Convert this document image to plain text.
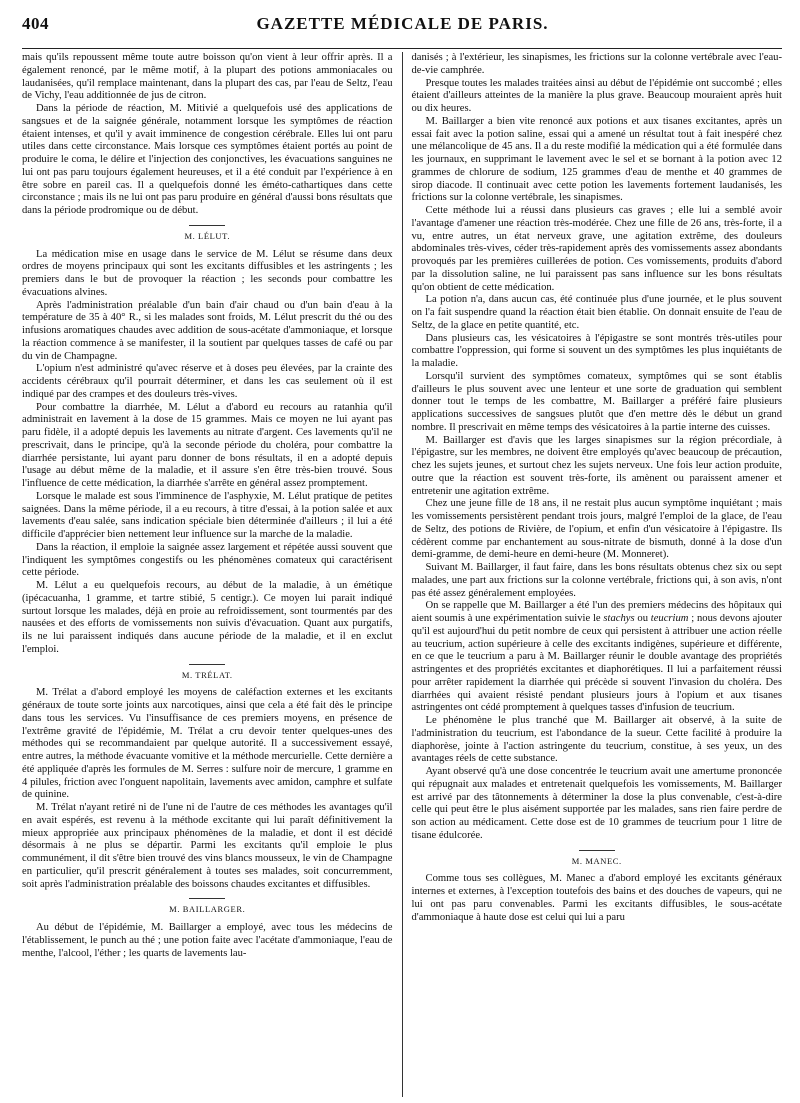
404	GAZETTE MÉDICALE DE PARIS.

mais qu'ils repoussent même toute autre boisson qu'on vient à leur offrir après. Il a également renoncé, par le même motif, à la plupart des potions ammoniacales ou laudanisées, qu'il remplace maintenant, dans la plupart des cas, par l'eau de Seltz, l'eau de Vichy, l'eau additionnée de jus de citron.

Dans la période de réaction, M. Mitivié a quelquefois usé des applications de sangsues et de la saignée générale, notamment lorsque les symptômes de réaction étaient intenses, et qu'il y avait imminence de congestion cérébrale. Elles lui ont paru utiles dans cette circonstance. Mais lorsque ces symptômes étaient portés au point de produire le coma, le délire et l'injection des conjonctives, les évacuations sanguines ne lui ont pas paru toujours également heureuses, et il a été conduit par l'expérience à en être sobre en pareil cas. Il a quelquefois donné les éméto-cathartiques dans cette circonstance ; mais ils ne lui ont pas paru produire en général d'aussi bons résultats que dans la période prodromique ou de début.

M. LÉLUT.

La médication mise en usage dans le service de M. Lélut se résume dans deux ordres de moyens principaux qui sont les excitants diffusibles et les astringents ; les premiers dans le but de provoquer la réaction ; les seconds pour combattre les évacuations alvines.

Après l'administration préalable d'un bain d'air chaud ou d'un bain d'eau à la température de 35 à 40° R., si les malades sont froids, M. Lélut prescrit du thé ou des infusions aromatiques chaudes avec addition de sous-acétate d'ammoniaque, et lorsque la réaction commence à se manifester, il la soutient par quelques tasses de café ou par du vin de Champagne.

L'opium n'est administré qu'avec réserve et à doses peu élevées, par la crainte des accidents cérébraux qu'il pourrait déterminer, et dans les cas seulement où il est indiqué par des crampes et des douleurs très-vives.

Pour combattre la diarrhée, M. Lélut a d'abord eu recours au ratanhia qu'il administrait en lavement à la dose de 15 grammes. Mais ce moyen ne lui ayant pas paru fidèle, il a adopté depuis les lavements au nitrate d'argent. Ces lavements qu'il ne prescrivait, dans le principe, qu'à la seconde période du choléra, pour combattre la diarrhée persistante, lui ayant paru donner de bons résultats, il en a adopté depuis l'usage au début même de la maladie, et il assure s'en être très-bien trouvé. Sous l'influence de cette médication, la diarrhée s'arrête en général assez promptement.

Lorsque le malade est sous l'imminence de l'asphyxie, M. Lélut pratique de petites saignées. Dans la même période, il a eu recours, à titre d'essai, à la potion salée et aux lavements d'eau salée, sans indication spéciale bien déterminée d'ailleurs ; il lui a été difficile d'apprécier bien nettement leur influence sur la marche de la maladie.

Dans la réaction, il emploie la saignée assez largement et répétée aussi souvent que l'indiquent les symptômes congestifs ou les phénomènes comateux qui caractérisent cette période.

M. Lélut a eu quelquefois recours, au début de la maladie, à un émétique (ipécacuanha, 1 gramme, et tartre stibié, 5 centigr.). Ce moyen lui parait indiqué surtout lorsque les malades, déjà en proie au refroidissement, sont tourmentés par des nausées et des efforts de vomissements non suivis d'évacuation. Quant aux purgatifs, ils ne lui paraissent indiqués dans aucune période de la maladie, et il en exclut l'emploi.

M. TRÉLAT.

M. Trélat a d'abord employé les moyens de caléfaction externes et les excitants généraux de toute sorte joints aux narcotiques, ainsi que cela a été fait dès le principe dans tous les services. Vu l'insuffisance de ces premiers moyens, en présence de l'extrême gravité de l'épidémie, M. Trélat a cru devoir tenter quelques-unes des méthodes qui se recommandaient par quelque autorité. Il a successivement essayé, entre autres, la méthode évacuante vomitive et la méthode mercurielle. Cette dernière a été appliquée d'après les formules de M. Serres : sulfure noir de mercure, 1 gramme en 4 pilules, friction avec l'onguent napolitain, lavements avec amidon, camphre et sulfate de quinine.

M. Trélat n'ayant retiré ni de l'une ni de l'autre de ces méthodes les avantages qu'il en avait espérés, est revenu à la méthode excitante qui lui paraît définitivement la mieux appropriée aux principaux phénomènes de la maladie, et dont il est décidé désormais à ne plus se départir. Parmi les excitants qu'il emploie le plus communément, il dit s'être bien trouvé des vins blancs mousseux, le vin de Champagne en particulier, qu'il prescrit généralement à toutes ses malades, soit concurremment, soit après l'administration préalable des boissons chaudes excitantes et diffusibles.

M. BAILLARGER.

Au début de l'épidémie, M. Baillarger a employé, avec tous les médecins de l'établissement, le punch au thé ; une potion faite avec l'acétate d'ammoniaque, l'eau de menthe, l'alcool, l'éther ; les quarts de lavements lau-

danisés ; à l'extérieur, les sinapismes, les frictions sur la colonne vertébrale avec l'eau-de-vie camphrée.

Presque toutes les malades traitées ainsi au début de l'épidémie ont succombé ; elles étaient d'ailleurs atteintes de la manière la plus grave. Beaucoup mouraient après huit ou dix heures.

M. Baillarger a bien vite renoncé aux potions et aux tisanes excitantes, après un essai fait avec la potion saline, essai qui a amené un résultat tout à fait inespéré chez une mélancolique de 45 ans. Il a du reste modifié la médication qui a été formulée dans les journaux, en supprimant le lavement avec le sel et se bornant à la potion avec 12 grammes de chlorure de sodium, 125 grammes d'eau de menthe et 40 grammes de sirop diacode. Il continuait avec cette potion les lavements fortement laudanisés, les frictions sur la colonne vertébrale, les sinapismes.

Cette méthode lui a réussi dans plusieurs cas graves ; elle lui a semblé avoir l'avantage d'amener une réaction très-modérée. Chez une fille de 26 ans, très-forte, il a vu, entre autres, un état nerveux grave, une agitation extrême, des douleurs abdominales très-vives, céder très-rapidement après des vomissements assez abondants provoqués par les premières cuillerées de potion. Ces vomissements, produits d'abord par la dissolution saline, ne lui paraissent pas sans influence sur les bons résultats qu'on obtient de cette médication.

La potion n'a, dans aucun cas, été continuée plus d'une journée, et le plus souvent on l'a fait suspendre quand la réaction était bien établie. On donnait ensuite de l'eau de Seltz, de la glace en petite quantité, etc.

Dans plusieurs cas, les vésicatoires à l'épigastre se sont montrés très-utiles pour combattre l'oppression, qui forme si souvent un des symptômes les plus inquiétants de la maladie.

Lorsqu'il survient des symptômes comateux, symptômes qui se sont établis d'ailleurs le plus souvent avec une lenteur et une sorte de graduation qui semblent donner tout le temps de les combattre, M. Baillarger a préféré faire plusieurs applications successives de sangsues plutôt que d'en mettre dès le début un grand nombre. Il prescrivait en même temps des vésicatoires à la partie interne des cuisses.

M. Baillarger est d'avis que les larges sinapismes sur la région précordiale, à l'épigastre, sur les membres, ne doivent être employés qu'avec beaucoup de précaution, chez les sujets jeunes, et surtout chez les sujets nerveux. Une fois leur action produite, outre que la réaction est souvent très-forte, ils amènent ou paraissent amener et entretenir une agitation extrême.

Chez une jeune fille de 18 ans, il ne restait plus aucun symptôme inquiétant ; mais les vomissements persistèrent pendant trois jours, malgré l'emploi de la glace, de l'eau de Seltz, des potions de Rivière, de l'opium, et enfin d'un vésicatoire à l'épigastre. Ils cédèrent comme par enchantement au sous-nitrate de bismuth, donné à la dose d'un demi-gramme, de demi-heure en demi-heure (M. Monneret).

Suivant M. Baillarger, il faut faire, dans les bons résultats obtenus chez six ou sept malades, une part aux frictions sur la colonne vertébrale, frictions qui, à son avis, n'ont pas été assez généralement employées.

On se rappelle que M. Baillarger a été l'un des premiers médecins des hôpitaux qui aient soumis à une expérimentation suivie le stachys ou teucrium ; nous devons ajouter qu'il est aujourd'hui du petit nombre de ceux qui persistent à attribuer une action réelle au teucrium, action supérieure à celle des excitants indigènes, supérieure et différente, en ce que le teucrium a paru à M. Baillarger réunir le double avantage des propriétés astringentes et des propriétés excitantes et diaphorétiques. Il lui a parfaitement réussi pour arrêter rapidement la diarrhée qui précède si souvent l'invasion du choléra. Des diarrhées qui avaient résisté pendant plusieurs jours à l'opium et aux tisanes astringentes ont cédé promptement à quelques tasses d'infusion de teucrium.

Le phénomène le plus tranché que M. Baillarger ait observé, à la suite de l'administration du teucrium, est l'abondance de la sueur. Cette facilité à produire la diaphorèse, jointe à l'action astringente du teucrium, constitue, à ses yeux, un des avantages réels de cette substance.

Ayant observé qu'à une dose concentrée le teucrium avait une amertume prononcée qui répugnait aux malades et entretenait quelquefois les vomissements, M. Baillarger est arrivé par des tâtonnements à déterminer la dose la plus convenable, c'est-à-dire celle qui peut être le plus aisément supportée par les malades, sans rien faire perdre de son action au médicament. Cette dose est de 10 grammes de teucrium pour 1 litre de tisane édulcorée.

M. MANEC.

Comme tous ses collègues, M. Manec a d'abord employé les excitants généraux internes et externes, à l'exception toutefois des bains et des douches de vapeurs, qui ne lui ont pas paru convenables. Parmi les excitants diffusibles, le sous-acétate d'ammoniaque à haute dose est celui qui lui a paru
